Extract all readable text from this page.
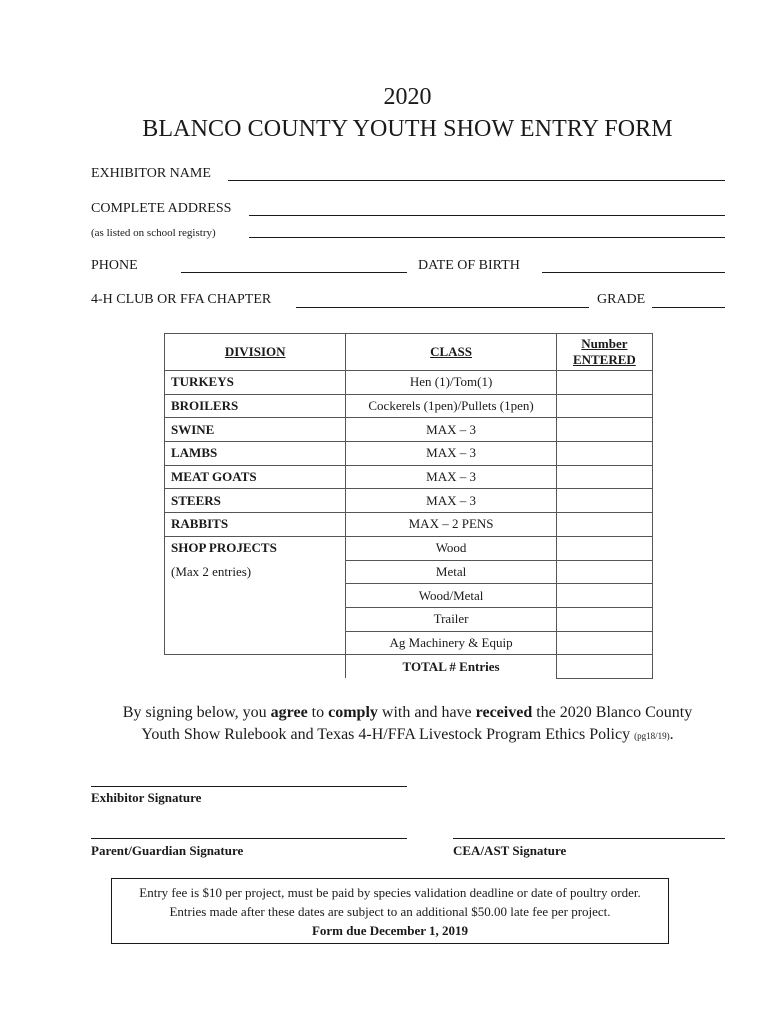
2020
BLANCO COUNTY YOUTH SHOW ENTRY FORM
EXHIBITOR NAME
COMPLETE ADDRESS
(as listed on school registry)
PHONE	DATE OF BIRTH
4-H CLUB OR FFA CHAPTER	GRADE
DIVISION	CLASS	Number
ENTERED

TURKEYS	Hen (1)/Tom(1)	
BROILERS	Cockerels (1pen)/Pullets (1pen)	
SWINE	MAX – 3	
LAMBS	MAX – 3	
MEAT GOATS	MAX – 3	
STEERS	MAX – 3	
RABBITS	MAX – 2 PENS	
SHOP PROJECTS	Wood	
(Max 2 entries)	Metal	
	Wood/Metal	
	Trailer	
	Ag Machinery & Equip	
	TOTAL # Entries	
By signing below, you agree to comply with and have received the 2020 Blanco County
Youth Show Rulebook and Texas 4-H/FFA Livestock Program Ethics Policy (pg18/19).
Exhibitor Signature
Parent/Guardian Signature	CEA/AST Signature
Entry fee is $10 per project, must be paid by species validation deadline or date of poultry order.
Entries made after these dates are subject to an additional $50.00 late fee per project.
Form due December 1, 2019
